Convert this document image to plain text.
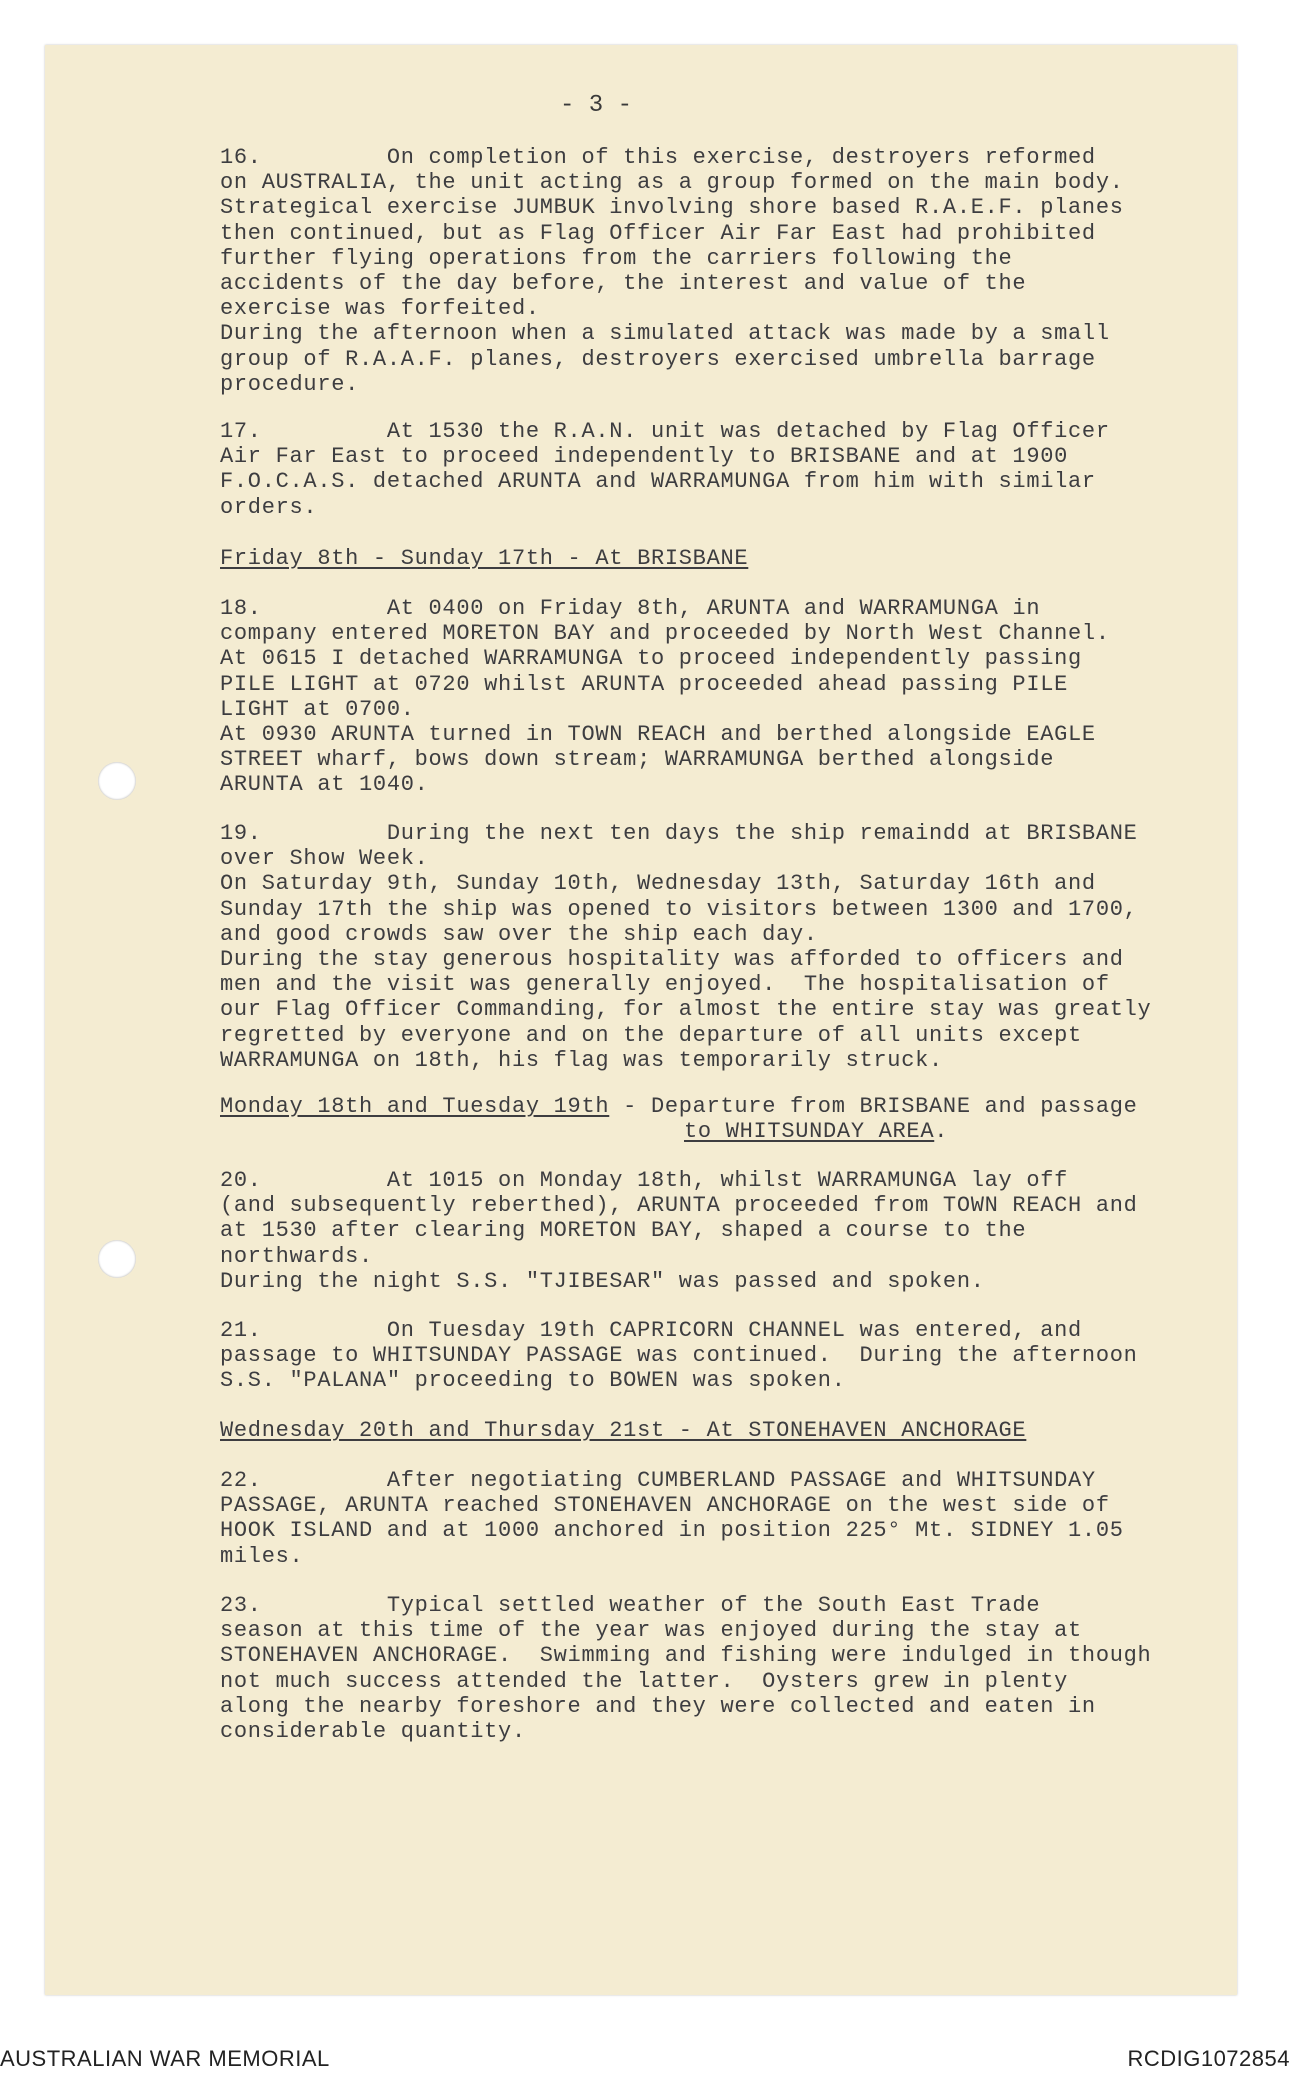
- 3 -
16.         On completion of this exercise, destroyers reformed
on AUSTRALIA, the unit acting as a group formed on the main body.
Strategical exercise JUMBUK involving shore based R.A.E.F. planes
then continued, but as Flag Officer Air Far East had prohibited
further flying operations from the carriers following the
accidents of the day before, the interest and value of the
exercise was forfeited.
During the afternoon when a simulated attack was made by a small
group of R.A.A.F. planes, destroyers exercised umbrella barrage
procedure.
17.         At 1530 the R.A.N. unit was detached by Flag Officer
Air Far East to proceed independently to BRISBANE and at 1900
F.O.C.A.S. detached ARUNTA and WARRAMUNGA from him with similar
orders.
Friday 8th - Sunday 17th - At BRISBANE
18.         At 0400 on Friday 8th, ARUNTA and WARRAMUNGA in
company entered MORETON BAY and proceeded by North West Channel.
At 0615 I detached WARRAMUNGA to proceed independently passing
PILE LIGHT at 0720 whilst ARUNTA proceeded ahead passing PILE
LIGHT at 0700.
At 0930 ARUNTA turned in TOWN REACH and berthed alongside EAGLE
STREET wharf, bows down stream; WARRAMUNGA berthed alongside
ARUNTA at 1040.
19.         During the next ten days the ship remaindd at BRISBANE
over Show Week.
On Saturday 9th, Sunday 10th, Wednesday 13th, Saturday 16th and
Sunday 17th the ship was opened to visitors between 1300 and 1700,
and good crowds saw over the ship each day.
During the stay generous hospitality was afforded to officers and
men and the visit was generally enjoyed.  The hospitalisation of
our Flag Officer Commanding, for almost the entire stay was greatly
regretted by everyone and on the departure of all units except
WARRAMUNGA on 18th, his flag was temporarily struck.
Monday 18th and Tuesday 19th - Departure from BRISBANE and passage
to WHITSUNDAY AREA.
20.         At 1015 on Monday 18th, whilst WARRAMUNGA lay off
(and subsequently reberthed), ARUNTA proceeded from TOWN REACH and
at 1530 after clearing MORETON BAY, shaped a course to the
northwards.
During the night S.S. "TJIBESAR" was passed and spoken.
21.         On Tuesday 19th CAPRICORN CHANNEL was entered, and
passage to WHITSUNDAY PASSAGE was continued.  During the afternoon
S.S. "PALANA" proceeding to BOWEN was spoken.
Wednesday 20th and Thursday 21st - At STONEHAVEN ANCHORAGE
22.         After negotiating CUMBERLAND PASSAGE and WHITSUNDAY
PASSAGE, ARUNTA reached STONEHAVEN ANCHORAGE on the west side of
HOOK ISLAND and at 1000 anchored in position 225° Mt. SIDNEY 1.05
miles.
23.         Typical settled weather of the South East Trade
season at this time of the year was enjoyed during the stay at
STONEHAVEN ANCHORAGE.  Swimming and fishing were indulged in though
not much success attended the latter.  Oysters grew in plenty
along the nearby foreshore and they were collected and eaten in
considerable quantity.
AUSTRALIAN WAR MEMORIAL	RCDIG1072854
